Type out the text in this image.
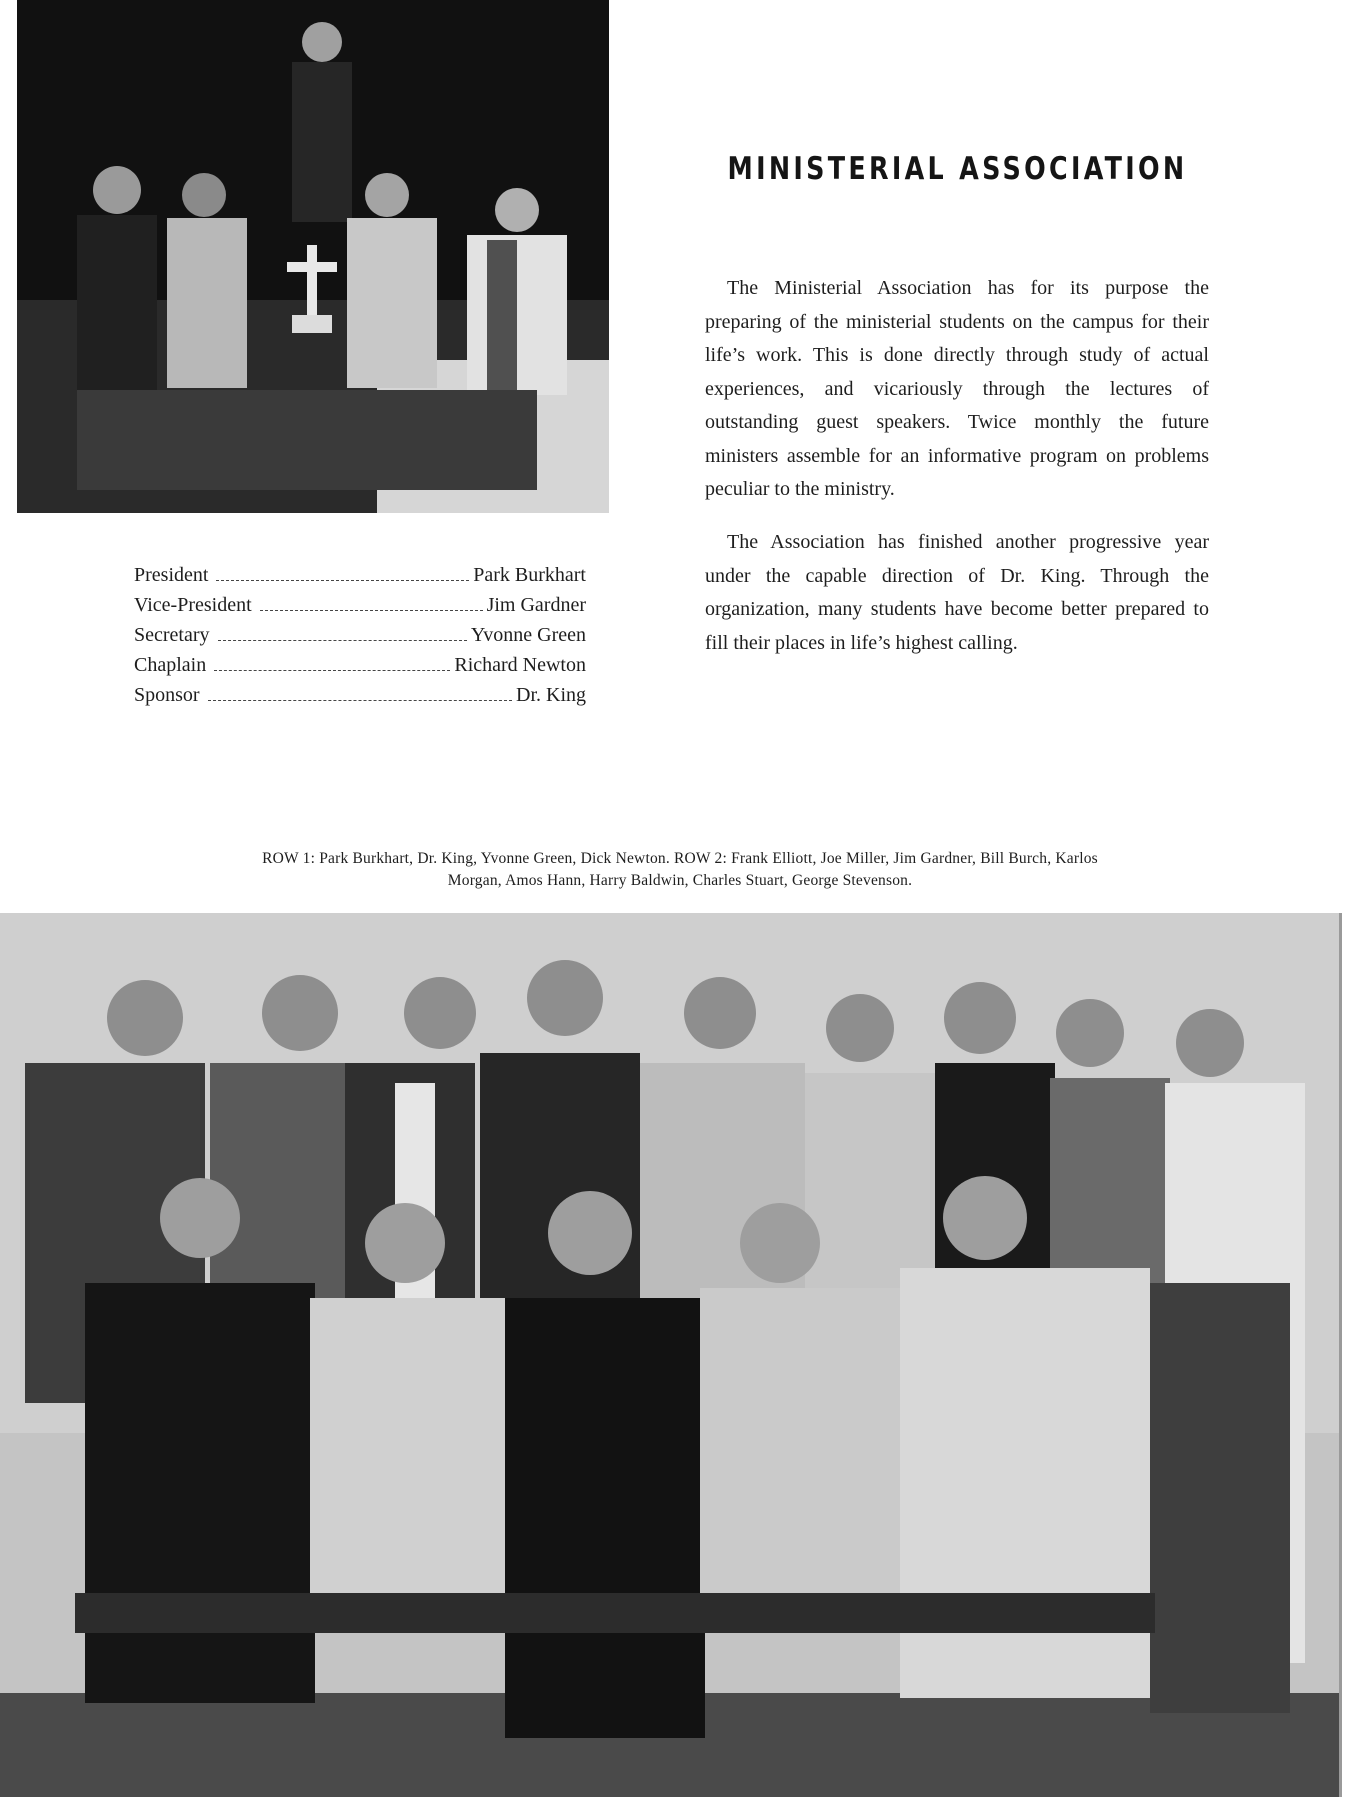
MINISTERIAL ASSOCIATION

The Ministerial Association has for its purpose the preparing of the ministerial students on the campus for their life’s work. This is done directly through study of actual experiences, and vicariously through the lectures of outstanding guest speakers. Twice monthly the future ministers assemble for an informative program on problems peculiar to the ministry.

The Association has finished another progressive year under the capable direction of Dr. King. Through the organization, many students have become better prepared to fill their places in life’s highest calling.

President	Park Burkhart
Vice-President	Jim Gardner
Secretary	Yvonne Green
Chaplain	Richard Newton
Sponsor	Dr. King

ROW 1: Park Burkhart, Dr. King, Yvonne Green, Dick Newton. ROW 2: Frank Elliott, Joe Miller, Jim Gardner, Bill Burch, Karlos Morgan, Amos Hann, Harry Baldwin, Charles Stuart, George Stevenson.
